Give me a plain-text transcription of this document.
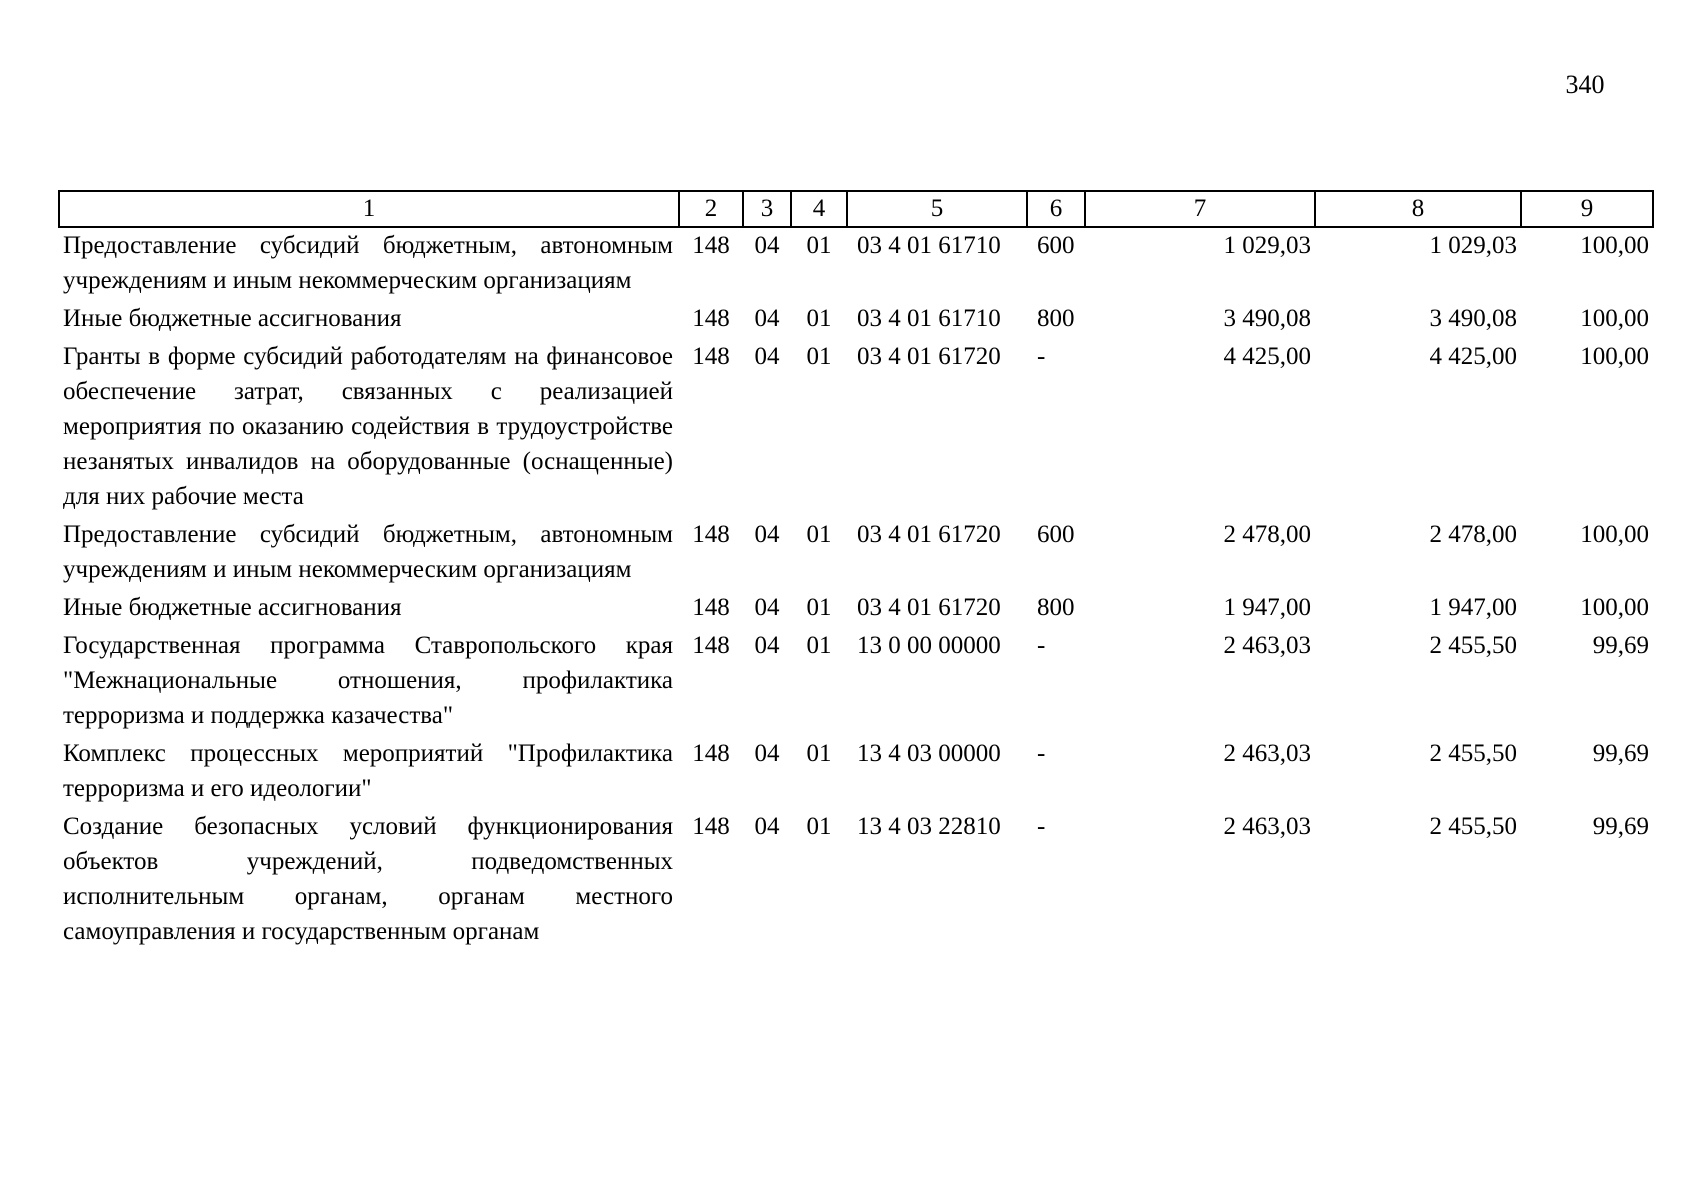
340
1	2	3	4	5	6	7	8	9
Предоставление субсидий бюджетным, автономным учреждениям и иным некоммерческим организациям	148	04	01	03 4 01 61710	600	1 029,03	1 029,03	100,00
Иные бюджетные ассигнования	148	04	01	03 4 01 61710	800	3 490,08	3 490,08	100,00
Гранты в форме субсидий работодателям на финансовое обеспечение затрат, связанных с реализацией мероприятия по оказанию содействия в трудоустройстве незанятых инвалидов на оборудованные (оснащенные) для них рабочие места	148	04	01	03 4 01 61720	-	4 425,00	4 425,00	100,00
Предоставление субсидий бюджетным, автономным учреждениям и иным некоммерческим организациям	148	04	01	03 4 01 61720	600	2 478,00	2 478,00	100,00
Иные бюджетные ассигнования	148	04	01	03 4 01 61720	800	1 947,00	1 947,00	100,00
Государственная программа Ставропольского края "Межнациональные отношения, профилактика терроризма и поддержка казачества"	148	04	01	13 0 00 00000	-	2 463,03	2 455,50	99,69
Комплекс процессных мероприятий "Профилактика терроризма и его идеологии"	148	04	01	13 4 03 00000	-	2 463,03	2 455,50	99,69
Создание безопасных условий функционирования объектов учреждений, подведомственных исполнительным органам, органам местного самоуправления и государственным органам	148	04	01	13 4 03 22810	-	2 463,03	2 455,50	99,69
